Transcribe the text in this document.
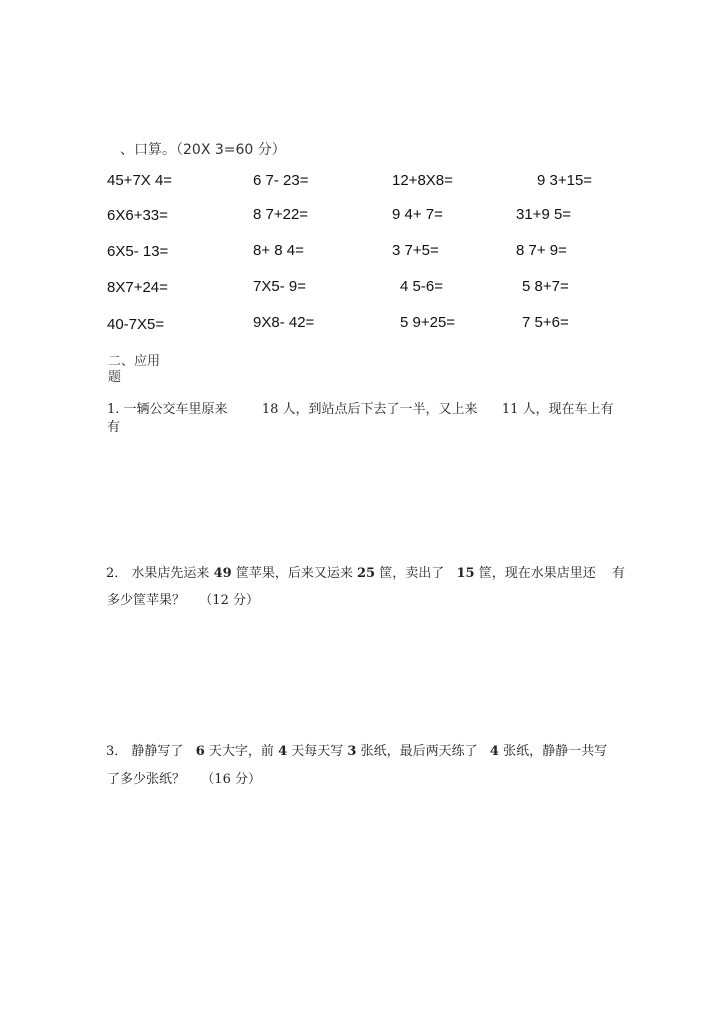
、口算。（20X 3=60 分）
45+7X 4=	6 7- 23=	12+8X8=	9 3+15=
6X6+33=	8 7+22=	9 4+ 7=	31+9 5=
6X5- 13=	8+ 8 4=	3 7+5=	8 7+ 9=
8X7+24=	7X5- 9=	4 5-6=	5 8+7=
40-7X5=	9X8- 42=	5 9+25=	7 5+6=
二、应用
题
1. 一辆公交车里原来	18 人，到站点后下去了一半，又上来 11 人，现在车上有
有
2． 水果店先运来 49 筐苹果，后来又运来 25 筐，卖出了 15 筐，现在水果店里还 有
多少筐苹果？ （12 分）
3． 静静写了 6 天大字，前 4 天每天写 3 张纸，最后两天练了 4 张纸，静静一共写
了多少张纸？ （16 分）
